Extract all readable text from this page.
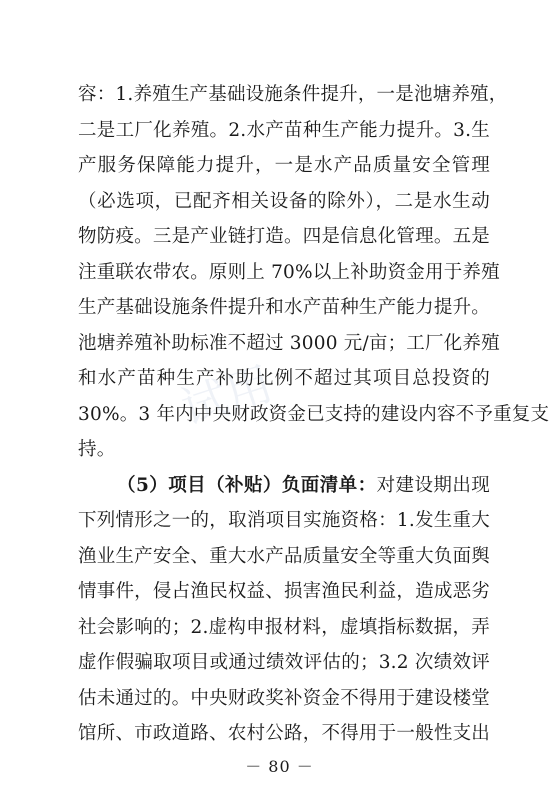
试用
容：1.养殖生产基础设施条件提升，一是池塘养殖，
二是工厂化养殖。2.水产苗种生产能力提升。3.生
产服务保障能力提升，一是水产品质量安全管理
（必选项，已配齐相关设备的除外），二是水生动
物防疫。三是产业链打造。四是信息化管理。五是
注重联农带农。原则上 70%以上补助资金用于养殖
生产基础设施条件提升和水产苗种生产能力提升。
池塘养殖补助标准不超过 3000 元/亩；工厂化养殖
和水产苗种生产补助比例不超过其项目总投资的
30%。3 年内中央财政资金已支持的建设内容不予重复支
持。
（5）项目（补贴）负面清单：对建设期出现
下列情形之一的，取消项目实施资格：1.发生重大
渔业生产安全、重大水产品质量安全等重大负面舆
情事件，侵占渔民权益、损害渔民利益，造成恶劣
社会影响的；2.虚构申报材料，虚填指标数据，弄
虚作假骗取项目或通过绩效评估的；3.2 次绩效评
估未通过的。中央财政奖补资金不得用于建设楼堂
馆所、市政道路、农村公路，不得用于一般性支出
－ 80 －
